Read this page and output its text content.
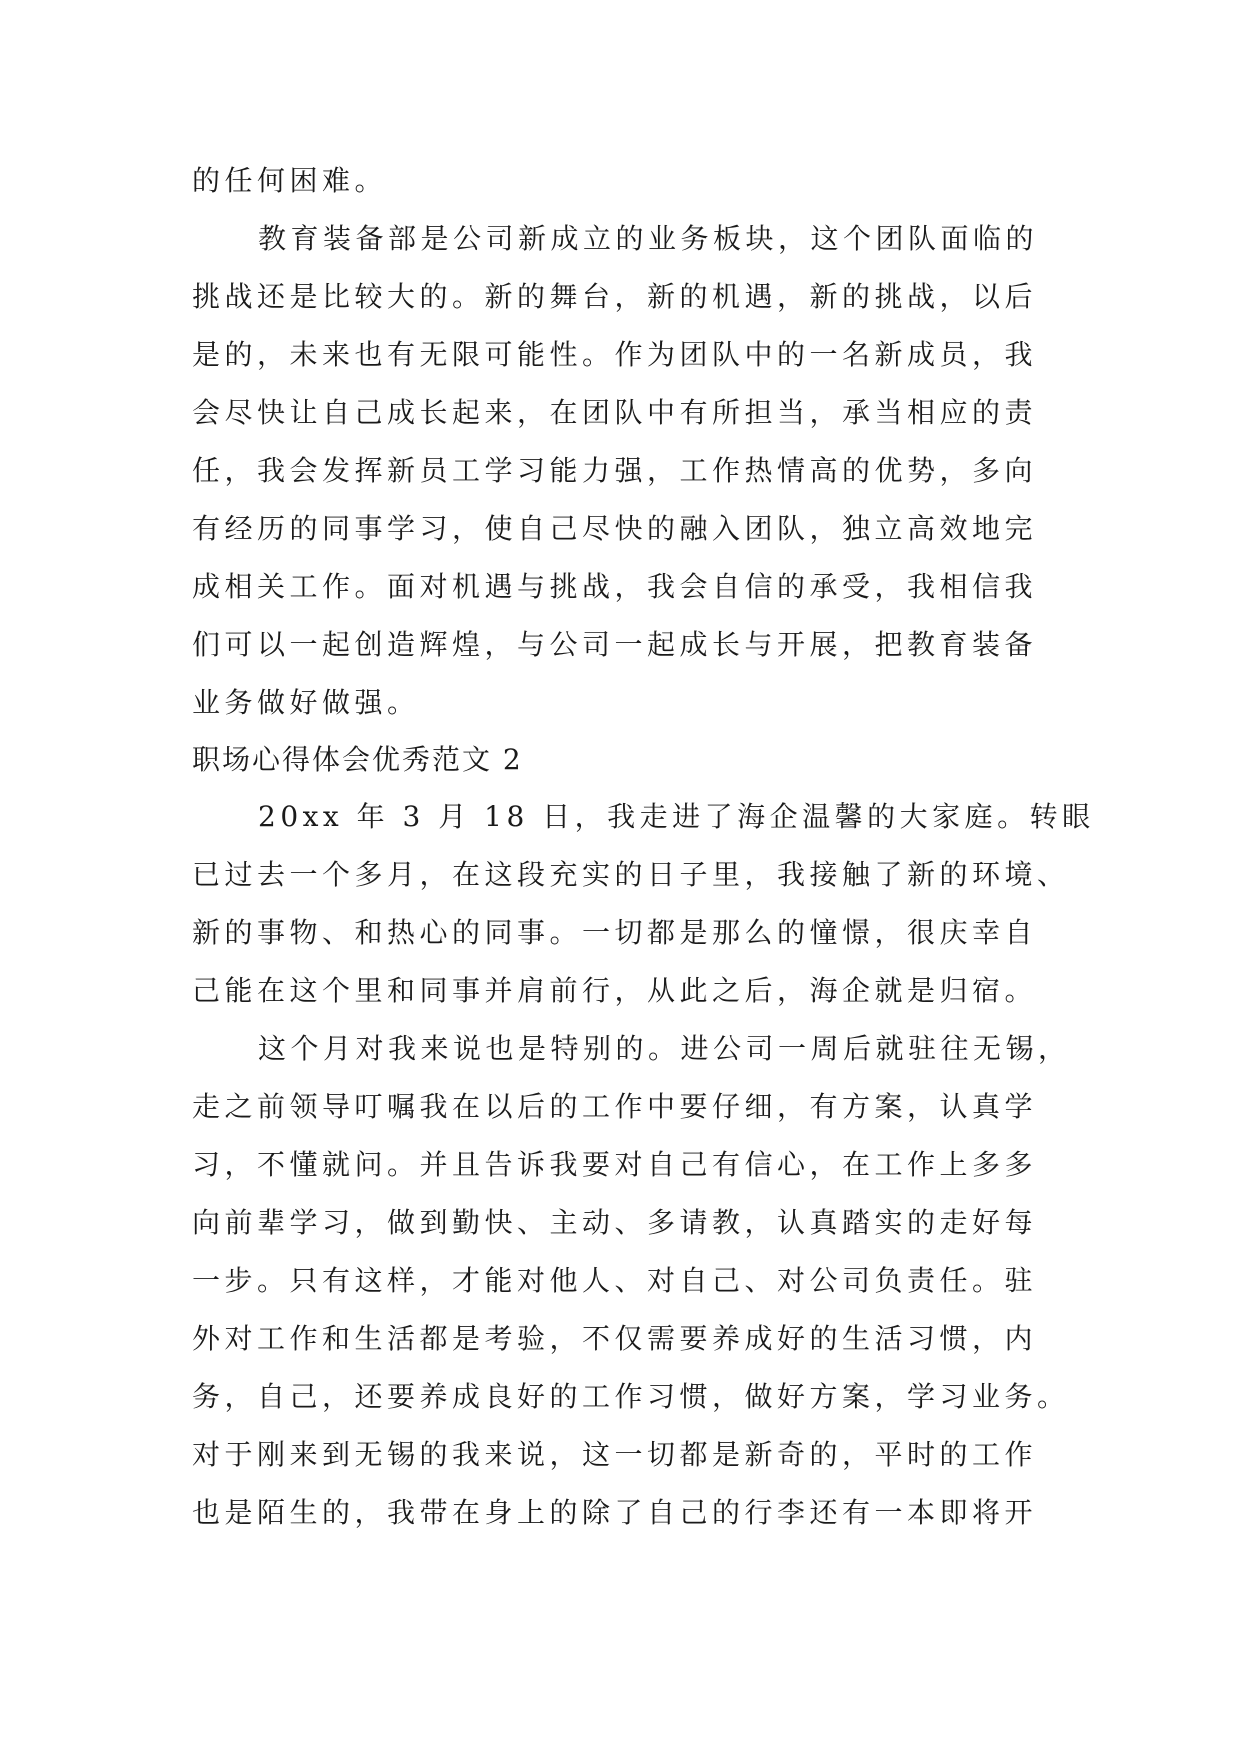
的任何困难。
教育装备部是公司新成立的业务板块，这个团队面临的
挑战还是比较大的。新的舞台，新的机遇，新的挑战，以后
是的，未来也有无限可能性。作为团队中的一名新成员，我
会尽快让自己成长起来，在团队中有所担当，承当相应的责
任，我会发挥新员工学习能力强，工作热情高的优势，多向
有经历的同事学习，使自己尽快的融入团队，独立高效地完
成相关工作。面对机遇与挑战，我会自信的承受，我相信我
们可以一起创造辉煌，与公司一起成长与开展，把教育装备
业务做好做强。
职场心得体会优秀范文 2
20xx 年 3 月 18 日，我走进了海企温馨的大家庭。转眼
已过去一个多月，在这段充实的日子里，我接触了新的环境、
新的事物、和热心的同事。一切都是那么的憧憬，很庆幸自
己能在这个里和同事并肩前行，从此之后，海企就是归宿。
这个月对我来说也是特别的。进公司一周后就驻往无锡，
走之前领导叮嘱我在以后的工作中要仔细，有方案，认真学
习，不懂就问。并且告诉我要对自己有信心，在工作上多多
向前辈学习，做到勤快、主动、多请教，认真踏实的走好每
一步。只有这样，才能对他人、对自己、对公司负责任。驻
外对工作和生活都是考验，不仅需要养成好的生活习惯，内
务，自己，还要养成良好的工作习惯，做好方案，学习业务。
对于刚来到无锡的我来说，这一切都是新奇的，平时的工作
也是陌生的，我带在身上的除了自己的行李还有一本即将开
